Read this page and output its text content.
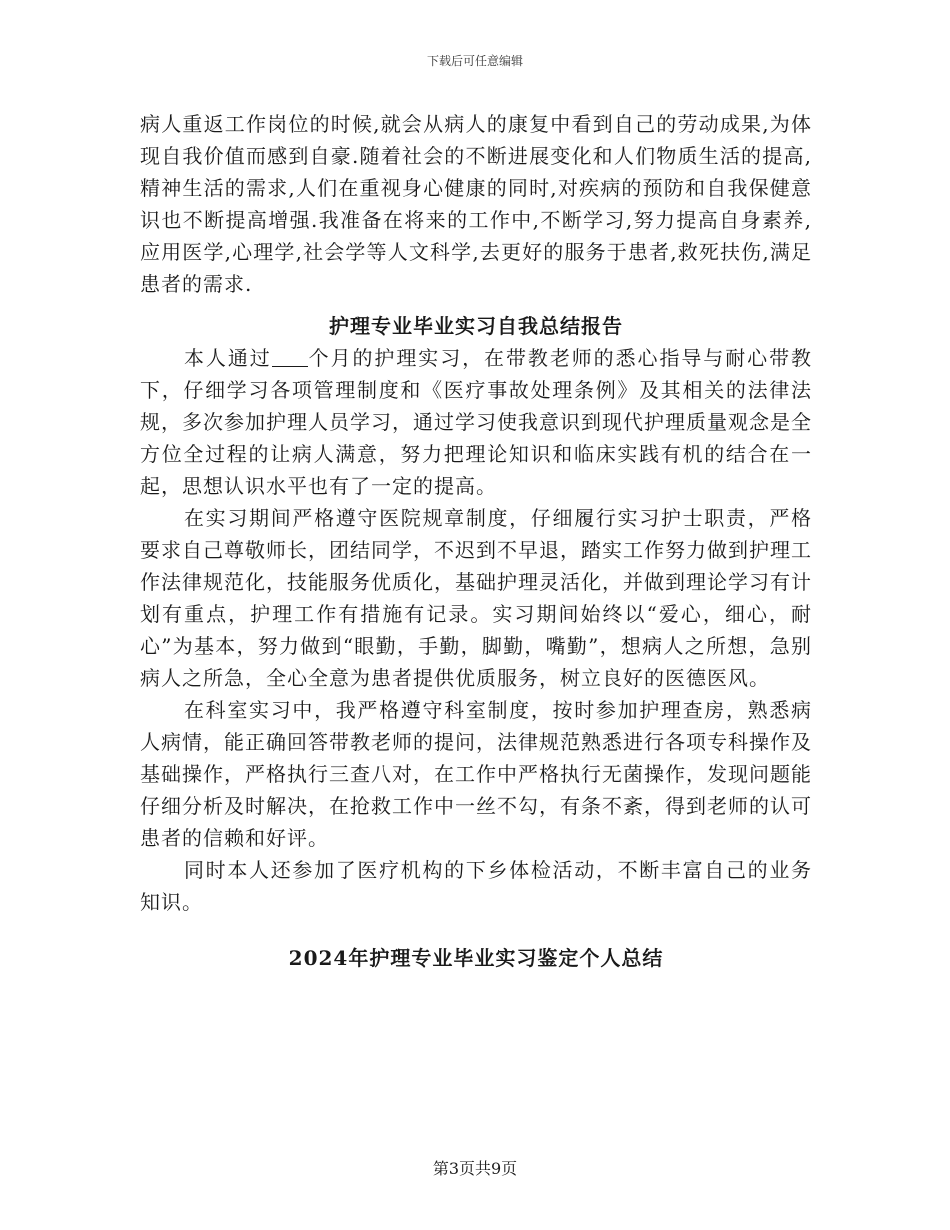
下载后可任意编辑

病人重返工作岗位的时候,就会从病人的康复中看到自己的劳动成果,为体现自我价值而感到自豪.随着社会的不断进展变化和人们物质生活的提高,精神生活的需求,人们在重视身心健康的同时,对疾病的预防和自我保健意识也不断提高增强.我准备在将来的工作中,不断学习,努力提高自身素养,应用医学,心理学,社会学等人文科学,去更好的服务于患者,救死扶伤,满足患者的需求.

护理专业毕业实习自我总结报告

本人通过 个月的护理实习，在带教老师的悉心指导与耐心带教下，仔细学习各项管理制度和《医疗事故处理条例》及其相关的法律法规，多次参加护理人员学习，通过学习使我意识到现代护理质量观念是全方位全过程的让病人满意，努力把理论知识和临床实践有机的结合在一起，思想认识水平也有了一定的提高。

在实习期间严格遵守医院规章制度，仔细履行实习护士职责，严格要求自己尊敬师长，团结同学，不迟到不早退，踏实工作努力做到护理工作法律规范化，技能服务优质化，基础护理灵活化，并做到理论学习有计划有重点，护理工作有措施有记录。实习期间始终以“爱心，细心，耐心”为基本，努力做到“眼勤，手勤，脚勤，嘴勤”，想病人之所想，急别病人之所急，全心全意为患者提供优质服务，树立良好的医德医风。

在科室实习中，我严格遵守科室制度，按时参加护理查房，熟悉病人病情，能正确回答带教老师的提问，法律规范熟悉进行各项专科操作及基础操作，严格执行三查八对，在工作中严格执行无菌操作，发现问题能仔细分析及时解决，在抢救工作中一丝不勾，有条不紊，得到老师的认可患者的信赖和好评。

同时本人还参加了医疗机构的下乡体检活动，不断丰富自己的业务知识。

2024年护理专业毕业实习鉴定个人总结
第3页共9页
